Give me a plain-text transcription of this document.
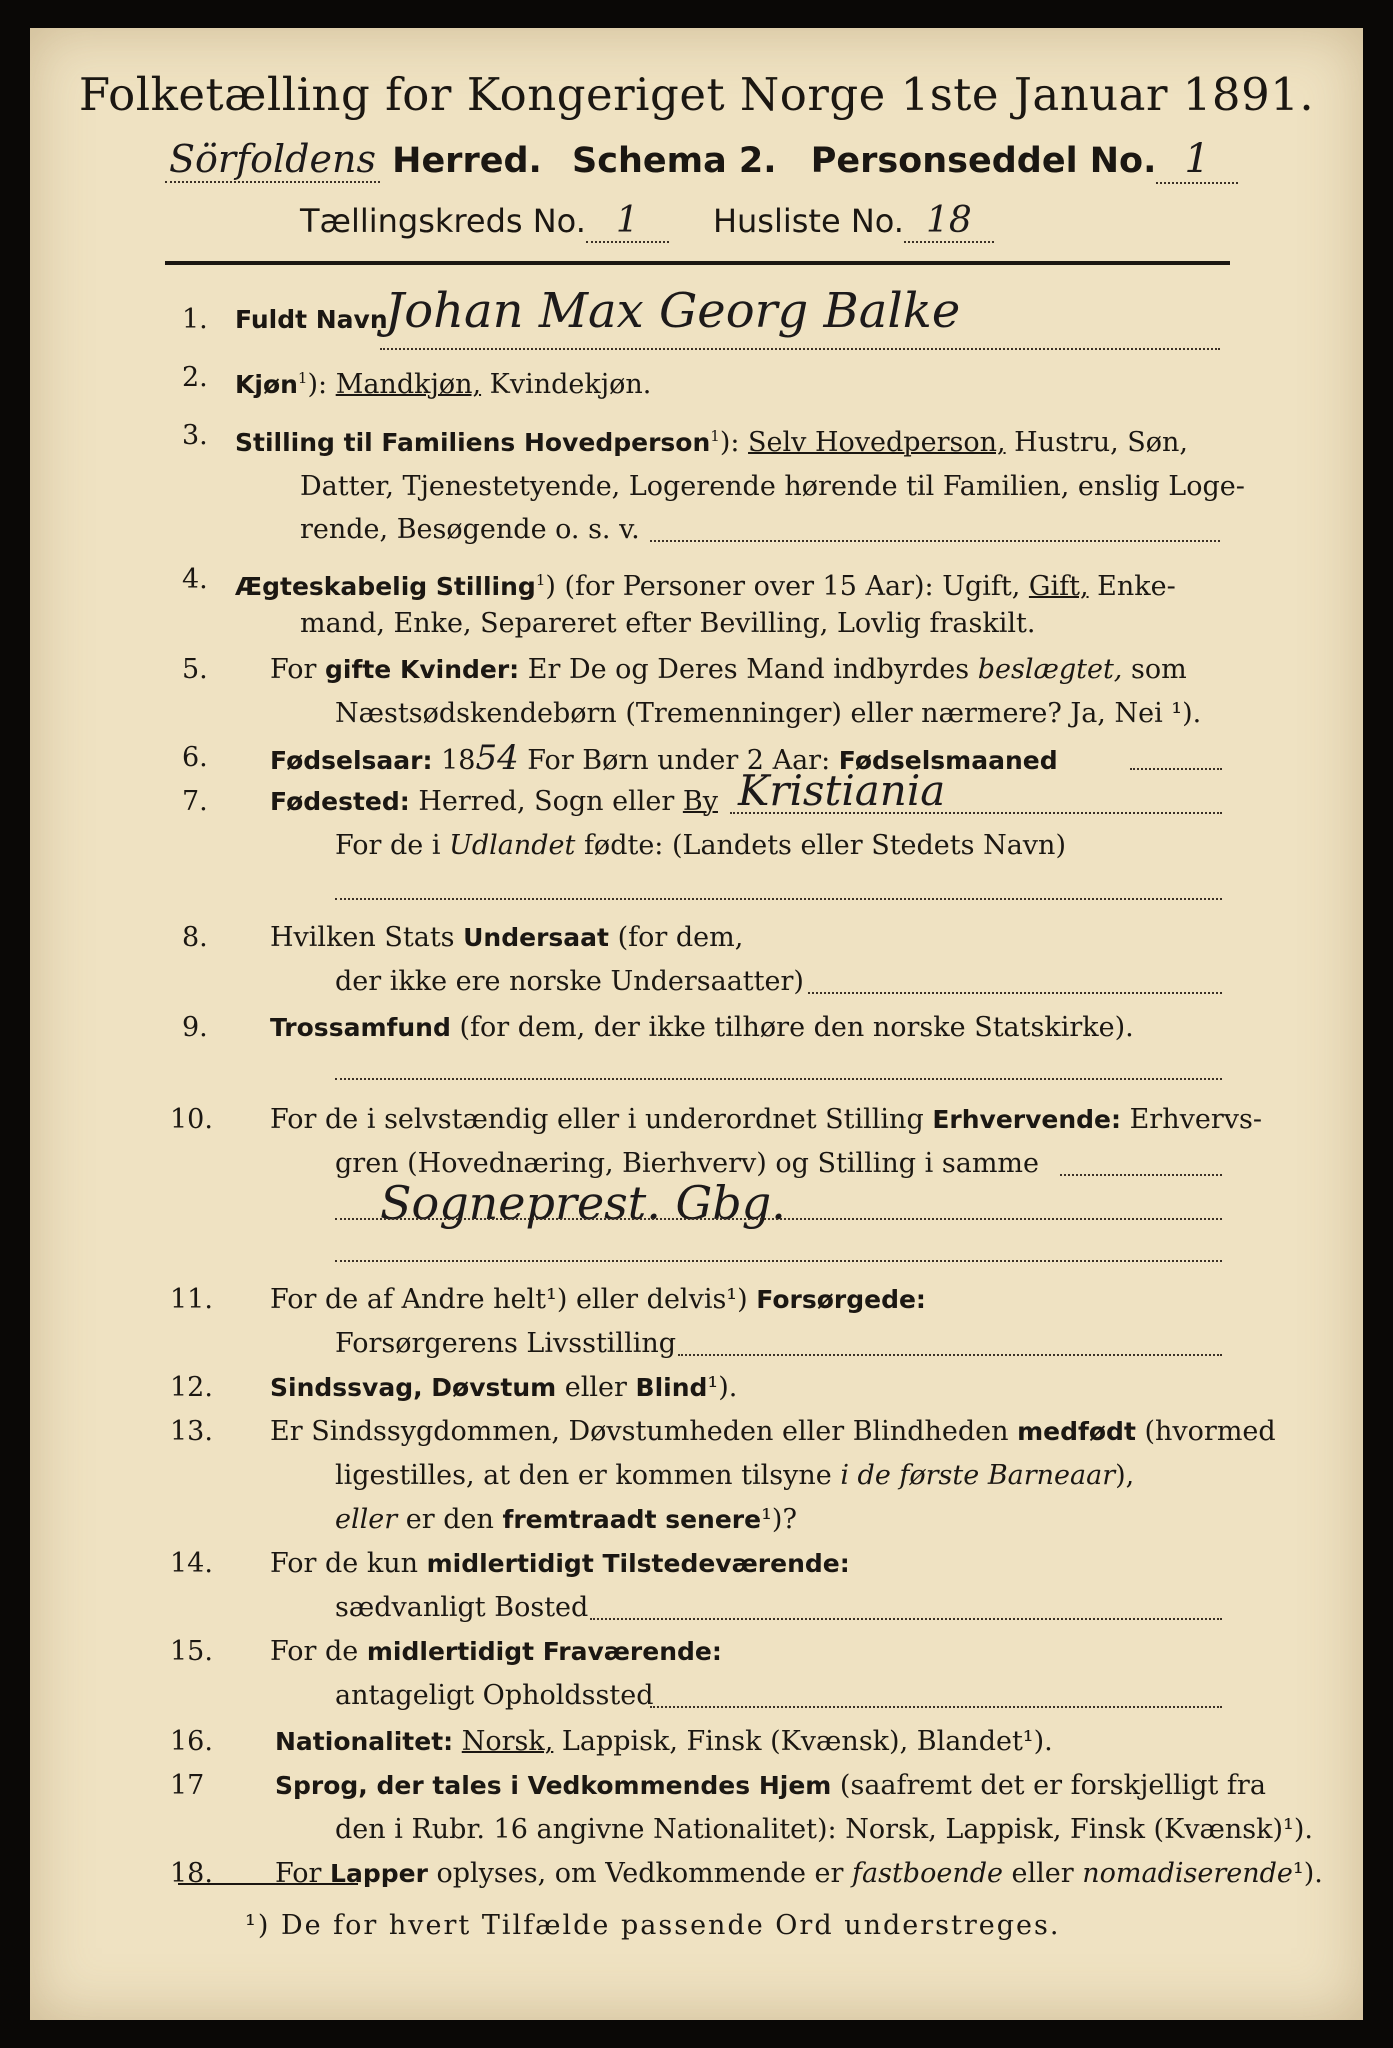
Folketælling for Kongeriget Norge 1ste Januar 1891.
Sörfoldens Herred. Schema 2. Personseddel No. 1
Tællingskreds No. 1 Husliste No. 18
1. Fuldt Navn
Johan Max Georg Balke
2. Kjøn$^1$): Mandkjøn, Kvindekjøn.
3. Stilling til Familiens Hovedperson$^1$): Selv Hovedperson, Hustru, Søn,
Datter, Tjenestetyende, Logerende hørende til Familien, enslig Loge-
rende, Besøgende o. s. v.
4. Ægteskabelig Stilling$^1$) (for Personer over 15 Aar): Ugift, Gift, Enke-
mand, Enke, Separeret efter Bevilling, Lovlig fraskilt.
5. For gifte Kvinder: Er De og Deres Mand indbyrdes beslægtet, som
Næstsødskendebørn (Tremenninger) eller nærmere? Ja, Nei ¹).
6. Fødselsaar: 1854 For Børn under 2 Aar: Fødselsmaaned
7. Fødested: Herred, Sogn eller By Kristiania
For de i Udlandet fødte: (Landets eller Stedets Navn)
8. Hvilken Stats Undersaat (for dem,
der ikke ere norske Undersaatter)
9. Trossamfund (for dem, der ikke tilhøre den norske Statskirke).
10. For de i selvstændig eller i underordnet Stilling Erhvervende: Erhvervs-
gren (Hovednæring, Bierhverv) og Stilling i samme
Sogneprest. Gbg.
11. For de af Andre helt¹) eller delvis¹) Forsørgede:
Forsørgerens Livsstilling
12. Sindssvag, Døvstum eller Blind¹).
13. Er Sindssygdommen, Døvstumheden eller Blindheden medfødt (hvormed
ligestilles, at den er kommen tilsyne i de første Barneaar),
eller er den fremtraadt senere¹)?
14. For de kun midlertidigt Tilstedeværende:
sædvanligt Bosted
15. For de midlertidigt Fraværende:
antageligt Opholdssted
16. Nationalitet: Norsk, Lappisk, Finsk (Kvænsk), Blandet¹).
17	Sprog, der tales i Vedkommendes Hjem (saafremt det er forskjelligt fra
den i Rubr. 16 angivne Nationalitet): Norsk, Lappisk, Finsk (Kvænsk)¹).
18. For Lapper oplyses, om Vedkommende er fastboende eller nomadiserende¹).
¹) De for hvert Tilfælde passende Ord understreges.
